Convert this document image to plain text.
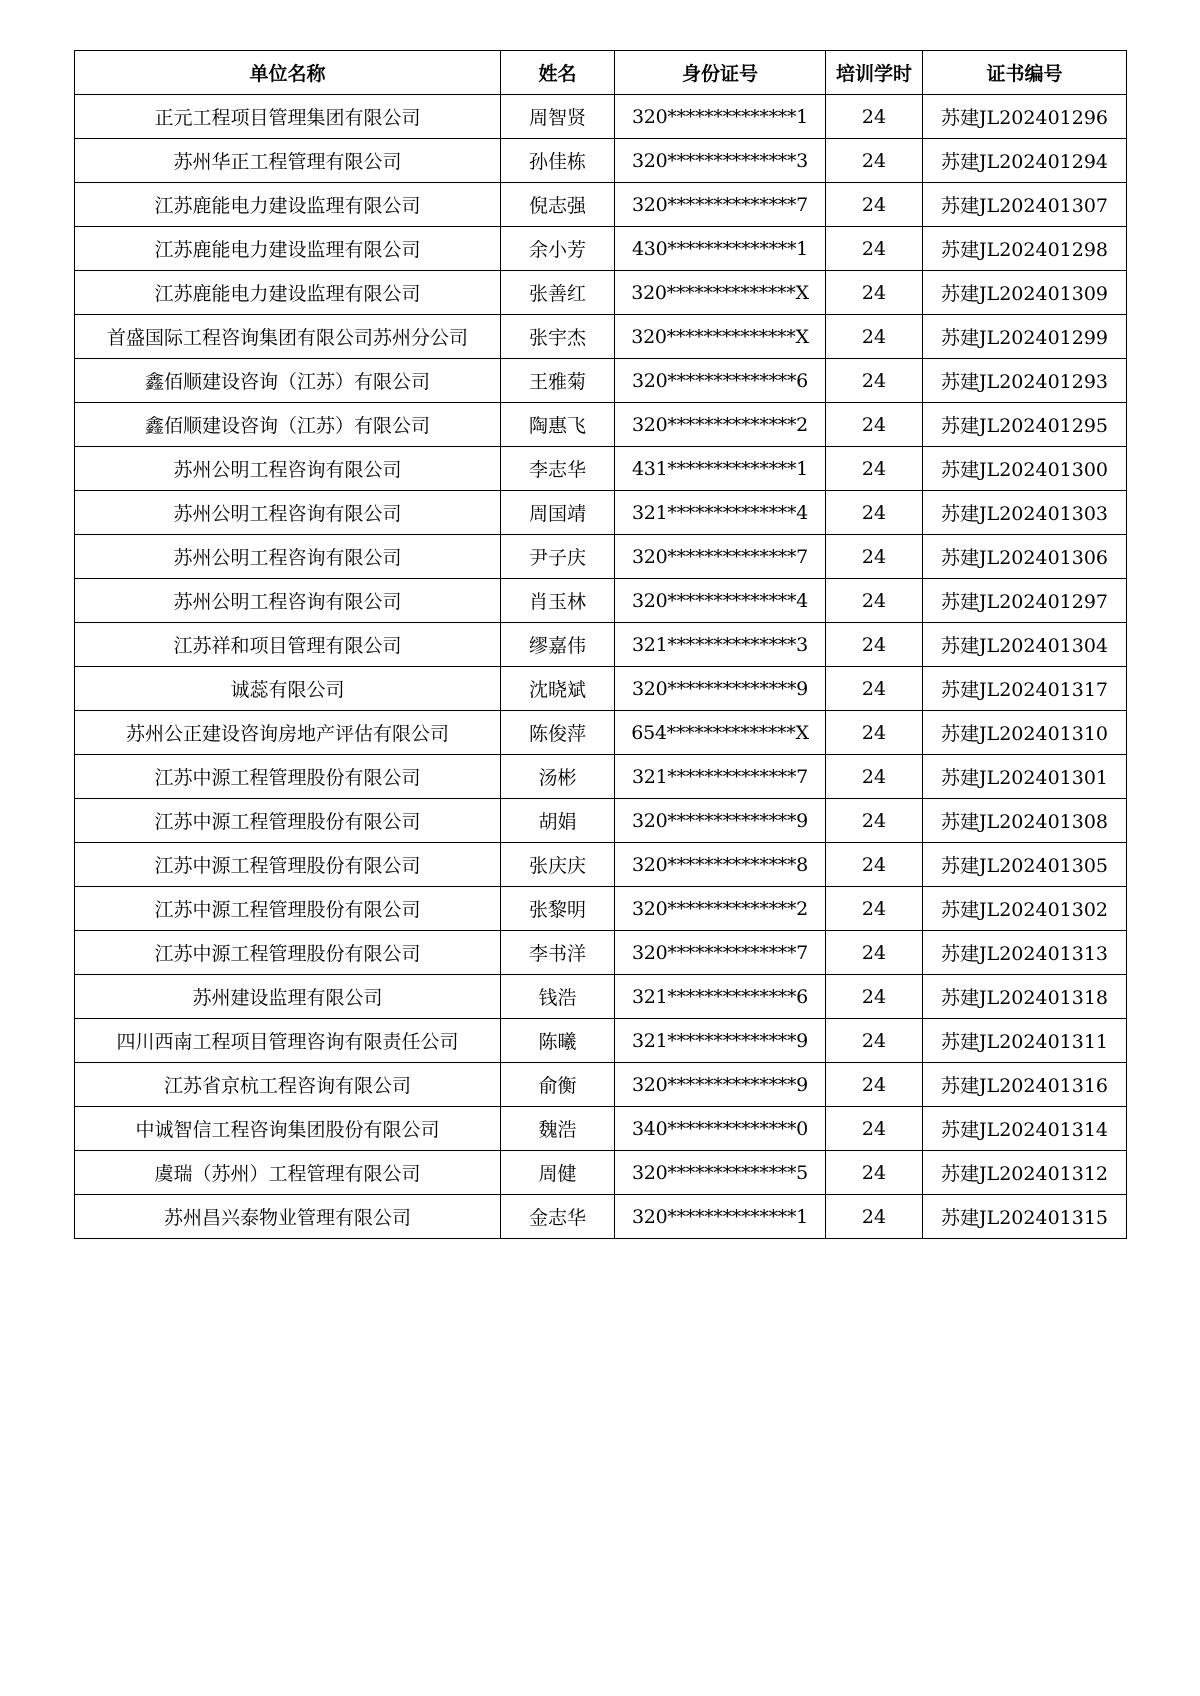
单位名称	姓名	身份证号	培训学时	证书编号
正元工程项目管理集团有限公司	周智贤	320**************1	24	苏建JL202401296
苏州华正工程管理有限公司	孙佳栋	320**************3	24	苏建JL202401294
江苏鹿能电力建设监理有限公司	倪志强	320**************7	24	苏建JL202401307
江苏鹿能电力建设监理有限公司	余小芳	430**************1	24	苏建JL202401298
江苏鹿能电力建设监理有限公司	张善红	320**************X	24	苏建JL202401309
首盛国际工程咨询集团有限公司苏州分公司	张宇杰	320**************X	24	苏建JL202401299
鑫佰顺建设咨询（江苏）有限公司	王雅菊	320**************6	24	苏建JL202401293
鑫佰顺建设咨询（江苏）有限公司	陶惠飞	320**************2	24	苏建JL202401295
苏州公明工程咨询有限公司	李志华	431**************1	24	苏建JL202401300
苏州公明工程咨询有限公司	周国靖	321**************4	24	苏建JL202401303
苏州公明工程咨询有限公司	尹子庆	320**************7	24	苏建JL202401306
苏州公明工程咨询有限公司	肖玉林	320**************4	24	苏建JL202401297
江苏祥和项目管理有限公司	缪嘉伟	321**************3	24	苏建JL202401304
诚蕊有限公司	沈晓斌	320**************9	24	苏建JL202401317
苏州公正建设咨询房地产评估有限公司	陈俊萍	654**************X	24	苏建JL202401310
江苏中源工程管理股份有限公司	汤彬	321**************7	24	苏建JL202401301
江苏中源工程管理股份有限公司	胡娟	320**************9	24	苏建JL202401308
江苏中源工程管理股份有限公司	张庆庆	320**************8	24	苏建JL202401305
江苏中源工程管理股份有限公司	张黎明	320**************2	24	苏建JL202401302
江苏中源工程管理股份有限公司	李书洋	320**************7	24	苏建JL202401313
苏州建设监理有限公司	钱浩	321**************6	24	苏建JL202401318
四川西南工程项目管理咨询有限责任公司	陈曦	321**************9	24	苏建JL202401311
江苏省京杭工程咨询有限公司	俞衡	320**************9	24	苏建JL202401316
中诚智信工程咨询集团股份有限公司	魏浩	340**************0	24	苏建JL202401314
虞瑞（苏州）工程管理有限公司	周健	320**************5	24	苏建JL202401312
苏州昌兴泰物业管理有限公司	金志华	320**************1	24	苏建JL202401315
